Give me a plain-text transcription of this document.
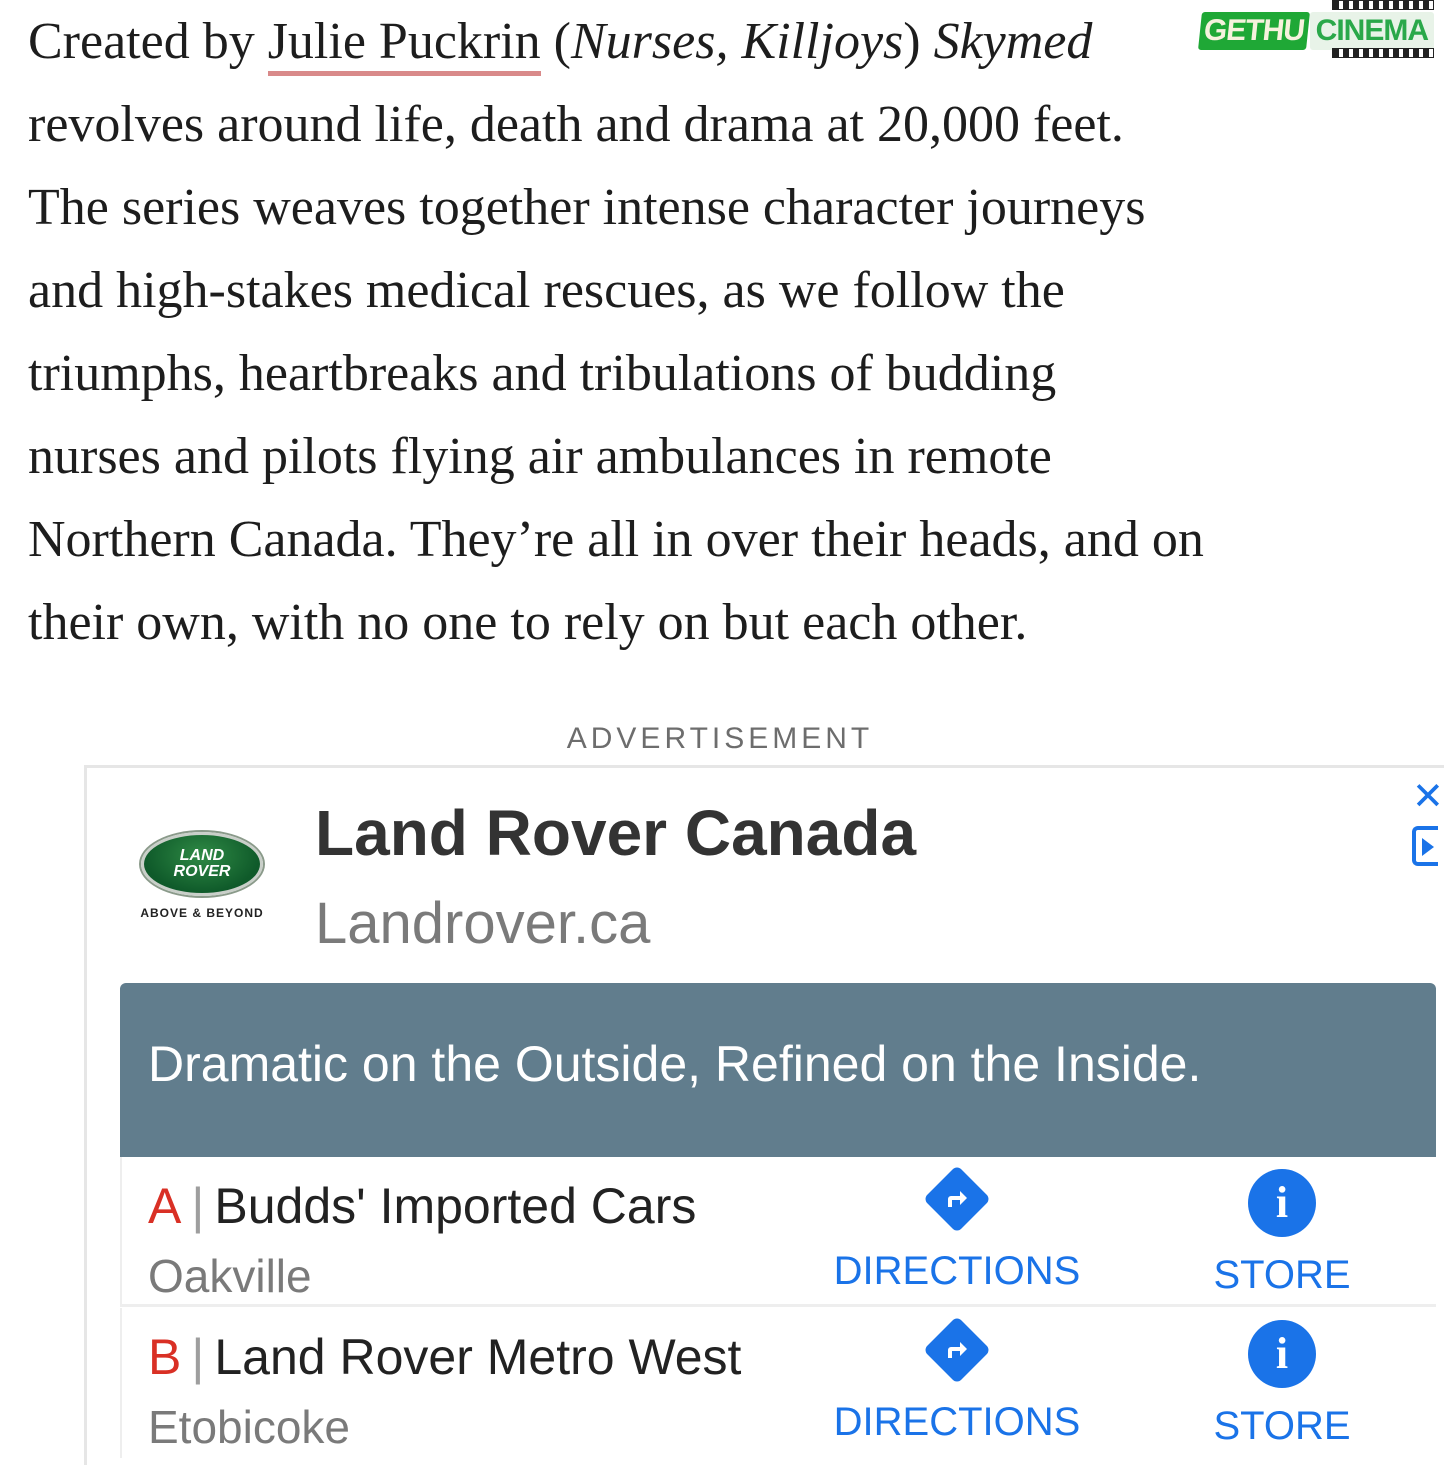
Created by Julie Puckrin (Nurses, Killjoys) Skymed
revolves around life, death and drama at 20,000 feet.
The series weaves together intense character journeys
and high-stakes medical rescues, as we follow the
triumphs, heartbreaks and tribulations of budding
nurses and pilots flying air ambulances in remote
Northern Canada. They’re all in over their heads, and on
their own, with no one to rely on but each other.

GETHU CINEMA
ADVERTISEMENT
LAND
ROVER
ABOVE & BEYOND
Land Rover Canada
Landrover.ca
✕
Dramatic on the Outside, Refined on the Inside.
A | Budds' Imported Cars
Oakville	DIRECTIONS
i
STORE
B | Land Rover Metro West
Etobicoke	DIRECTIONS
i
STORE
